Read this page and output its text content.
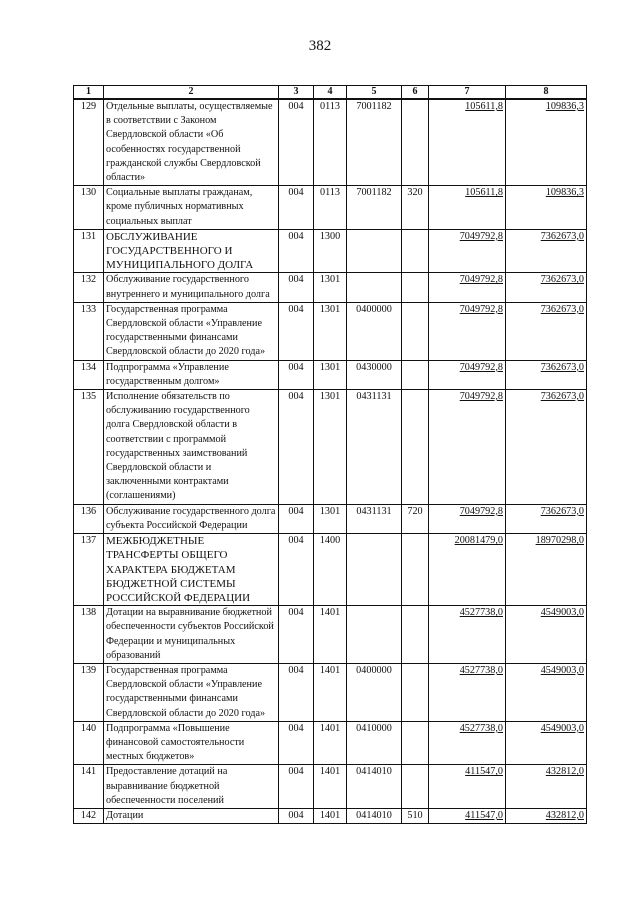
382
1	2	3	4	5	6	7	8
129	Отдельные выплаты, осуществляемые в соответствии с Законом Свердловской области «Об особенностях государственной гражданской службы Свердловской области»	004	0113	7001182		105611,8	109836,3
130	Социальные выплаты гражданам, кроме публичных нормативных социальных выплат	004	0113	7001182	320	105611,8	109836,3
131	ОБСЛУЖИВАНИЕ ГОСУДАРСТВЕННОГО И МУНИЦИПАЛЬНОГО ДОЛГА	004	1300			7049792,8	7362673,0
132	Обслуживание государственного внутреннего и муниципального долга	004	1301			7049792,8	7362673,0
133	Государственная программа Свердловской области «Управление государственными финансами Свердловской области до 2020 года»	004	1301	0400000		7049792,8	7362673,0
134	Подпрограмма «Управление государственным долгом»	004	1301	0430000		7049792,8	7362673,0
135	Исполнение обязательств по обслуживанию государственного долга Свердловской области в соответствии с программой государственных заимствований Свердловской области и заключенными контрактами (соглашениями)	004	1301	0431131		7049792,8	7362673,0
136	Обслуживание государственного долга субъекта Российской Федерации	004	1301	0431131	720	7049792,8	7362673,0
137	МЕЖБЮДЖЕТНЫЕ ТРАНСФЕРТЫ ОБЩЕГО ХАРАКТЕРА БЮДЖЕТАМ БЮДЖЕТНОЙ СИСТЕМЫ РОССИЙСКОЙ ФЕДЕРАЦИИ	004	1400			20081479,0	18970298,0
138	Дотации на выравнивание бюджетной обеспеченности субъектов Российской Федерации и муниципальных образований	004	1401			4527738,0	4549003,0
139	Государственная программа Свердловской области «Управление государственными финансами Свердловской области до 2020 года»	004	1401	0400000		4527738,0	4549003,0
140	Подпрограмма «Повышение финансовой самостоятельности местных бюджетов»	004	1401	0410000		4527738,0	4549003,0
141	Предоставление дотаций на выравнивание бюджетной обеспеченности поселений	004	1401	0414010		411547,0	432812,0
142	Дотации	004	1401	0414010	510	411547,0	432812,0
